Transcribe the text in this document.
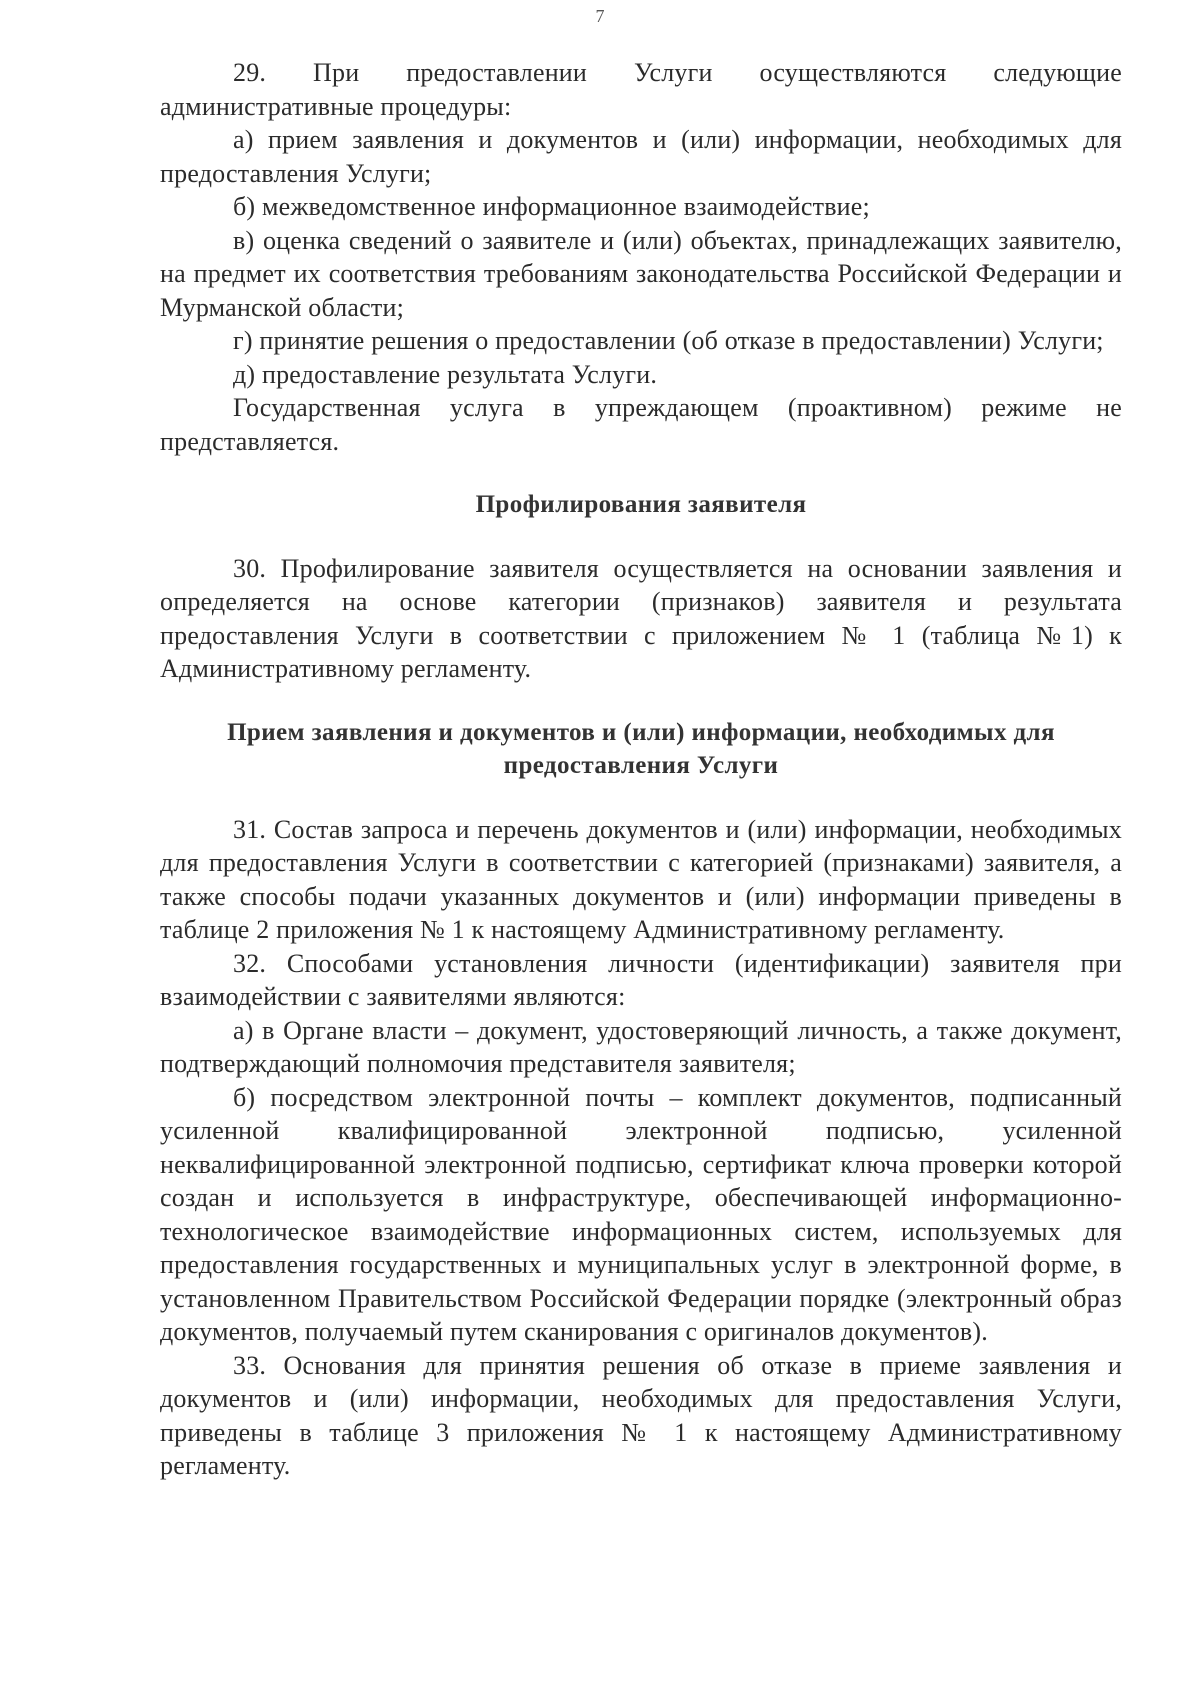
7

29. При предоставлении Услуги осуществляются следующие административные процедуры:

а) прием заявления и документов и (или) информации, необходимых для предоставления Услуги;

б) межведомственное информационное взаимодействие;

в) оценка сведений о заявителе и (или) объектах, принадлежащих заявителю, на предмет их соответствия требованиям законодательства Российской Федерации и Мурманской области;

г) принятие решения о предоставлении (об отказе в предоставлении) Услуги;

д) предоставление результата Услуги.

Государственная услуга в упреждающем (проактивном) режиме не представляется.

Профилирования заявителя

30. Профилирование заявителя осуществляется на основании заявления и определяется на основе категории (признаков) заявителя и результата предоставления Услуги в соответствии с приложением № 1 (таблица №1) к Административному регламенту.

Прием заявления и документов и (или) информации, необходимых для предоставления Услуги

31. Состав запроса и перечень документов и (или) информации, необходимых для предоставления Услуги в соответствии с категорией (признаками) заявителя, а также способы подачи указанных документов и (или) информации приведены в таблице 2 приложения № 1 к настоящему Административному регламенту.

32. Способами установления личности (идентификации) заявителя при взаимодействии с заявителями являются:

а) в Органе власти – документ, удостоверяющий личность, а также документ, подтверждающий полномочия представителя заявителя;

б) посредством электронной почты – комплект документов, подписанный усиленной квалифицированной электронной подписью, усиленной неквалифицированной электронной подписью, сертификат ключа проверки которой создан и используется в инфраструктуре, обеспечивающей информационно-технологическое взаимодействие информационных систем, используемых для предоставления государственных и муниципальных услуг в электронной форме, в установленном Правительством Российской Федерации порядке (электронный образ документов, получаемый путем сканирования с оригиналов документов).

33. Основания для принятия решения об отказе в приеме заявления и документов и (или) информации, необходимых для предоставления Услуги, приведены в таблице 3 приложения № 1 к настоящему Административному регламенту.
